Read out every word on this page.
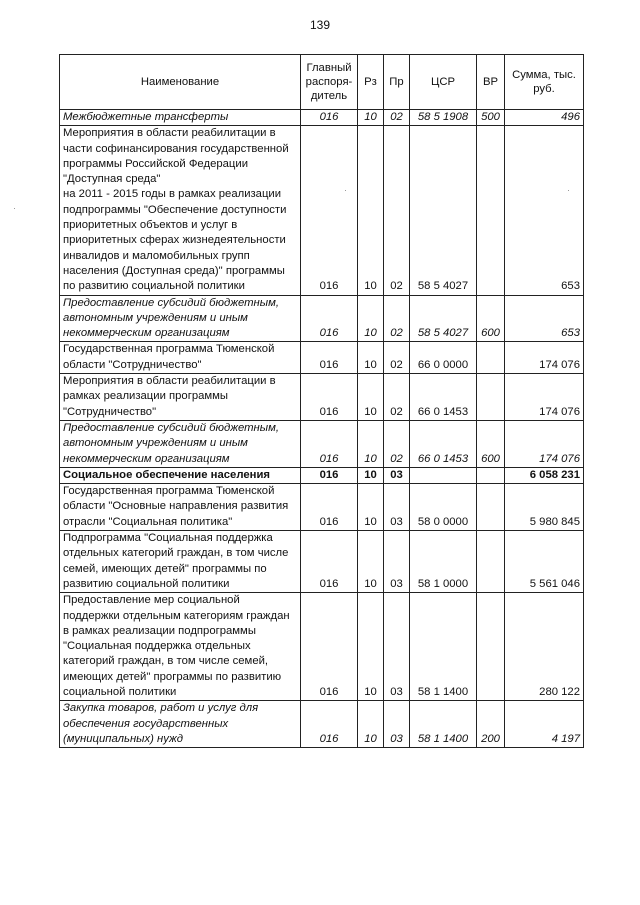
139
Наименование	Главный распоря-дитель	Рз	Пр	ЦСР	ВР	Сумма, тыс. руб.
Межбюджетные трансферты	016	10	02	58 5 1908	500	496
Мероприятия в области реабилитации в части софинансирования государственной программы Российской Федерации "Доступная среда"
на 2011 - 2015 годы в рамках реализации подпрограммы "Обеспечение доступности приоритетных объектов и услуг в приоритетных сферах жизнедеятельности инвалидов и маломобильных групп населения (Доступная среда)" программы по развитию социальной политики	016	10	02	58 5 4027		653
Предоставление субсидий бюджетным, автономным учреждениям и иным некоммерческим организациям	016	10	02	58 5 4027	600	653
Государственная программа Тюменской области "Сотрудничество"	016	10	02	66 0 0000		174 076
Мероприятия в области реабилитации в рамках реализации программы "Сотрудничество"	016	10	02	66 0 1453		174 076
Предоставление субсидий бюджетным, автономным учреждениям и иным некоммерческим организациям	016	10	02	66 0 1453	600	174 076
Социальное обеспечение населения	016	10	03			6 058 231
Государственная программа Тюменской области "Основные направления развития отрасли "Социальная политика"	016	10	03	58 0 0000		5 980 845
Подпрограмма "Социальная поддержка отдельных категорий граждан, в том числе семей, имеющих детей" программы по развитию социальной политики	016	10	03	58 1 0000		5 561 046
Предоставление мер социальной поддержки отдельным категориям граждан в рамках реализации подпрограммы "Социальная поддержка отдельных категорий граждан, в том числе семей, имеющих детей" программы по развитию социальной политики	016	10	03	58 1 1400		280 122
Закупка товаров, работ и услуг для обеспечения государственных (муниципальных) нужд	016	10	03	58 1 1400	200	4 197
